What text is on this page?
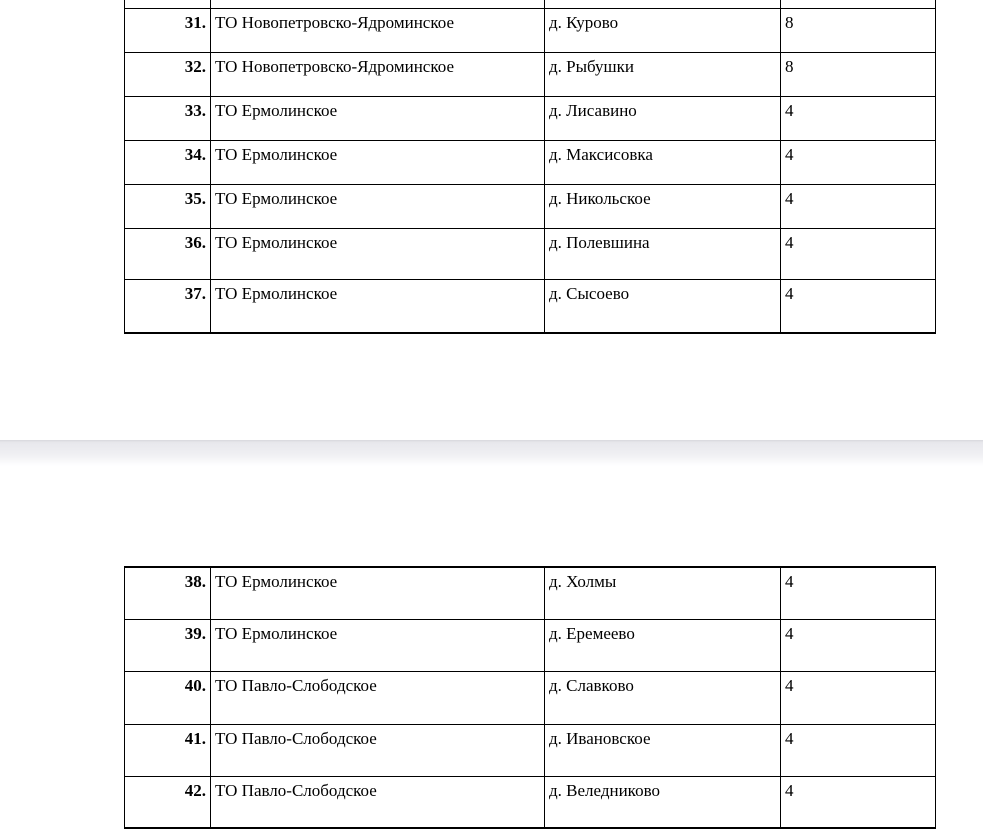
31.	ТО Новопетровско-Ядроминское	д. Курово	8
32.	ТО Новопетровско-Ядроминское	д. Рыбушки	8
33.	ТО Ермолинское	д. Лисавино	4
34.	ТО Ермолинское	д. Максисовка	4
35.	ТО Ермолинское	д. Никольское	4
36.	ТО Ермолинское	д. Полевшина	4
37.	ТО Ермолинское	д. Сысоево	4
38.	ТО Ермолинское	д. Холмы	4
39.	ТО Ермолинское	д. Еремеево	4
40.	ТО Павло-Слободское	д. Славково	4
41.	ТО Павло-Слободское	д. Ивановское	4
42.	ТО Павло-Слободское	д. Веледниково	4
